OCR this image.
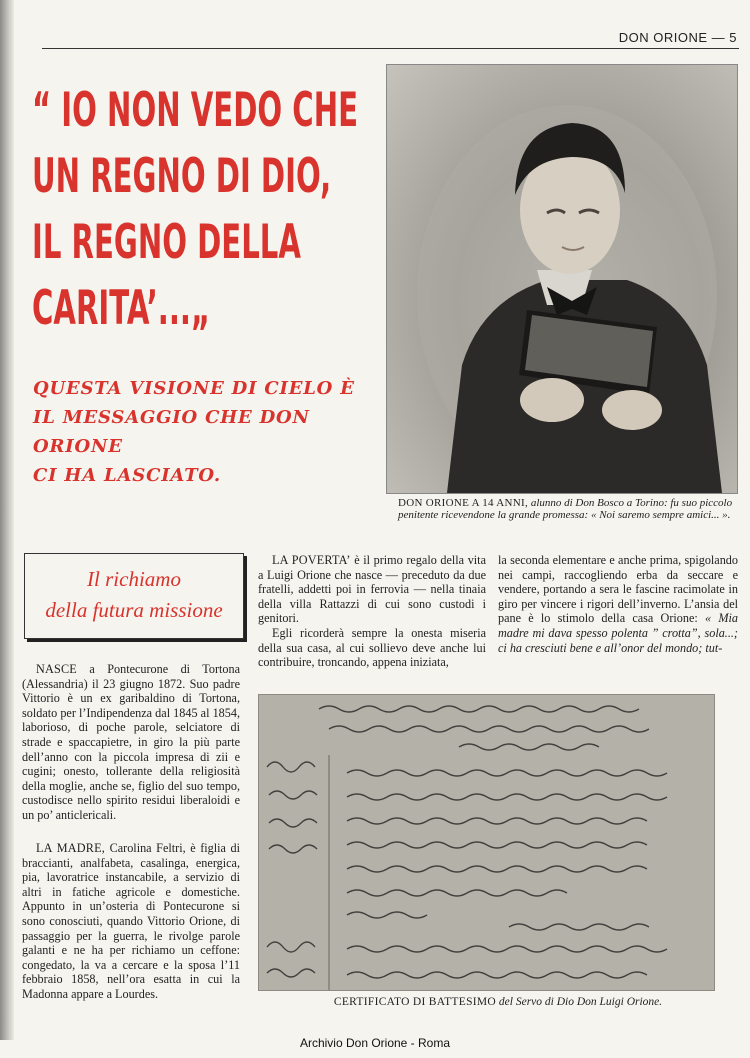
DON ORIONE — 5
“ IO NON VEDO CHE
UN REGNO DI DIO,
IL REGNO DELLA
CARITA’...„
QUESTA VISIONE DI CIELO È
IL MESSAGGIO CHE DON ORIONE
CI HA LASCIATO.

DON ORIONE A 14 ANNI, alunno di Don Bosco a Torino: fu suo piccolo penitente ricevendone la grande promessa: « Noi saremo sempre amici... ».

Il richiamo
della futura missione

NASCE a Pontecurone di Tortona (Alessandria) il 23 giugno 1872. Suo padre Vittorio è un ex garibaldino di Tortona, soldato per l’Indipendenza dal 1845 al 1854, laborioso, di poche parole, selciatore di strade e spaccapietre, in giro la più parte dell’anno con la piccola impresa di zii e cugini; onesto, tollerante della religiosità della moglie, anche se, figlio del suo tempo, custodisce nello spirito residui liberaloidi e un po’ anticlericali.

LA MADRE, Carolina Feltri, è figlia di braccianti, analfabeta, casalinga, energica, pia, lavoratrice instancabile, a servizio di altri in fatiche agricole e domestiche. Appunto in un’osteria di Pontecurone si sono conosciuti, quando Vittorio Orione, di passaggio per la guerra, le rivolge parole galanti e ne ha per richiamo un ceffone: congedato, la va a cercare e la sposa l’11 febbraio 1858, nell’ora esatta in cui la Madonna appare a Lourdes.

LA POVERTA’ è il primo regalo della vita a Luigi Orione che nasce — preceduto da due fratelli, addetti poi in ferrovia — nella tinaia della villa Rattazzi di cui sono custodi i genitori.

Egli ricorderà sempre la onesta miseria della sua casa, al cui sollievo deve anche lui contribuire, troncando, appena iniziata,

la seconda elementare e anche prima, spigolando nei campi, raccogliendo erba da seccare e vendere, portando a sera le fascine racimolate in giro per vincere i rigori dell’inverno. L’ansia del pane è lo stimolo della casa Orione: « Mia madre mi dava spesso polenta ” crotta”, sola...; ci ha cresciuti bene e all’onor del mondo; tut-

CERTIFICATO DI BATTESIMO del Servo di Dio Don Luigi Orione.

Archivio Don Orione - Roma
